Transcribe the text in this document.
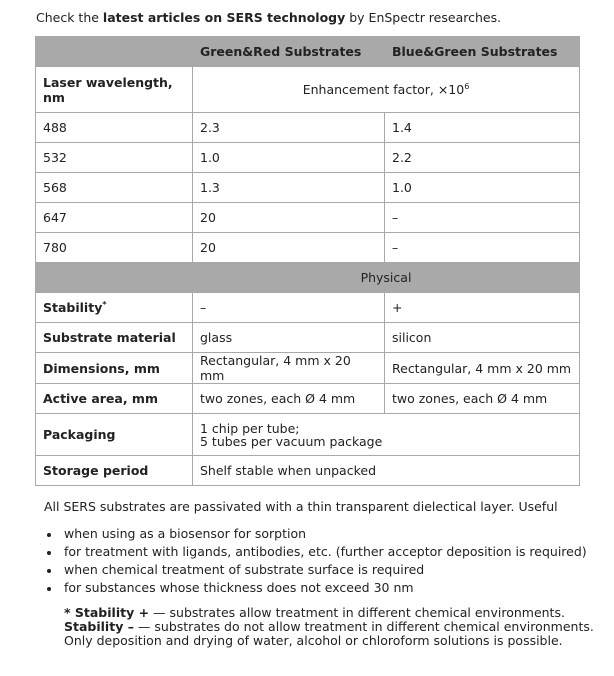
Check the latest articles on SERS technology by EnSpectr researches.
	Green&Red Substrates	Blue&Green Substrates
Laser wavelength, nm	Enhancement factor, $\times 10^6$
488	2.3	1.4
532	1.0	2.2
568	1.3	1.0
647	20	–
780	20	–
	Physical	
Stability*	–	+
Substrate material	glass	silicon
Dimensions, mm	Rectangular, 4 mm x 20 mm	Rectangular, 4 mm x 20 mm
Active area, mm	two zones, each Ø 4 mm	two zones, each Ø 4 mm
Packaging	1 chip per tube;
5 tubes per vacuum package	
Storage period	Shelf stable when unpacked	
All SERS substrates are passivated with a thin transparent dielectical layer. Useful
when using as a biosensor for sorption
for treatment with ligands, antibodies, etc. (further acceptor deposition is required)
when chemical treatment of substrate surface is required
for substances whose thickness does not exceed 30 nm
* Stability + — substrates allow treatment in different chemical environments.
Stability – — substrates do not allow treatment in different chemical environments.
Only deposition and drying of water, alcohol or chloroform solutions is possible.
